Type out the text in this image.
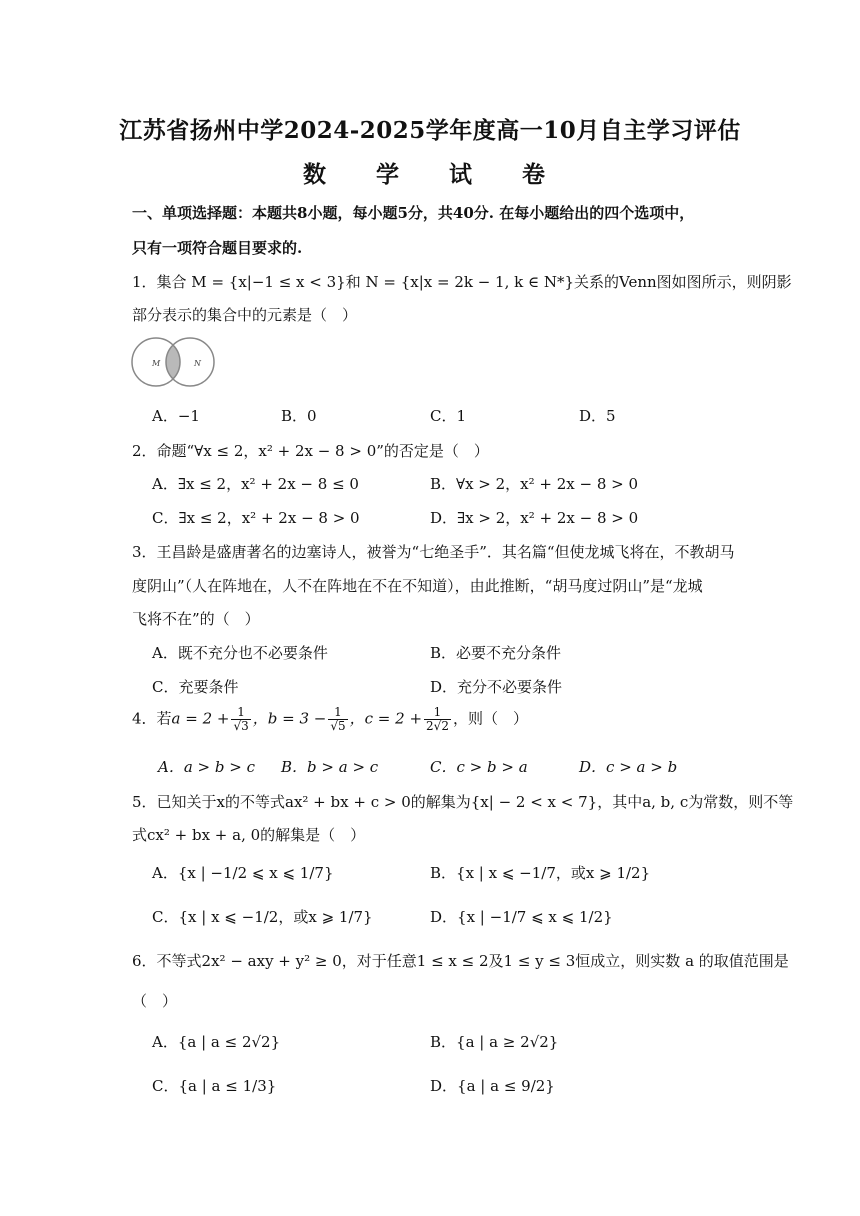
江苏省扬州中学2024-2025学年度高一10月自主学习评估
数 学 试 卷
一、单项选择题：本题共8小题，每小题5分，共40分. 在每小题给出的四个选项中，
只有一项符合题目要求的.
1．集合 M = {x|−1 ≤ x < 3}和 N = {x|x = 2k − 1, k ∈ N*}关系的Venn图如图所示，则阴影
部分表示的集合中的元素是（　）
M	N
A．−1	B．0	C．1	D．5
2．命题“∀x ≤ 2，x² + 2x − 8 > 0”的否定是（　）
A．∃x ≤ 2，x² + 2x − 8 ≤ 0	B．∀x > 2，x² + 2x − 8 > 0
C．∃x ≤ 2，x² + 2x − 8 > 0	D．∃x > 2，x² + 2x − 8 > 0
3．王昌龄是盛唐著名的边塞诗人，被誉为“七绝圣手”．其名篇“但使龙城飞将在，不教胡马
度阴山”（人在阵地在，人不在阵地在不在不知道），由此推断，“胡马度过阴山”是“龙城
飞将不在”的（　）
A．既不充分也不必要条件	B．必要不充分条件
C．充要条件	D．充分不必要条件
4．若$a = 2 + \frac{1}{√3}$ ，$b = 3 - \frac{1}{√5}$ ，$c = 2 + \frac{1}{2√2}$ ，则（　）
A．a > b > c B．b > a > c	C．c > b > a	D．c > a > b
5．已知关于x的不等式ax² + bx + c > 0的解集为{x| − 2 < x < 7}，其中a, b, c为常数，则不等
式cx² + bx + a, 0的解集是（　）
A．{x | −1/2 ⩽ x ⩽ 1/7}	B．{x | x ⩽ −1/7，或x ⩾ 1/2}
C．{x | x ⩽ −1/2，或x ⩾ 1/7}	D．{x | −1/7 ⩽ x ⩽ 1/2}
6．不等式2x² − axy + y² ≥ 0，对于任意1 ≤ x ≤ 2及1 ≤ y ≤ 3恒成立，则实数 a 的取值范围是
（　）
A．{a | a ≤ 2√2}	B．{a | a ≥ 2√2}
C．{a | a ≤ 1/3}	D．{a | a ≤ 9/2}
